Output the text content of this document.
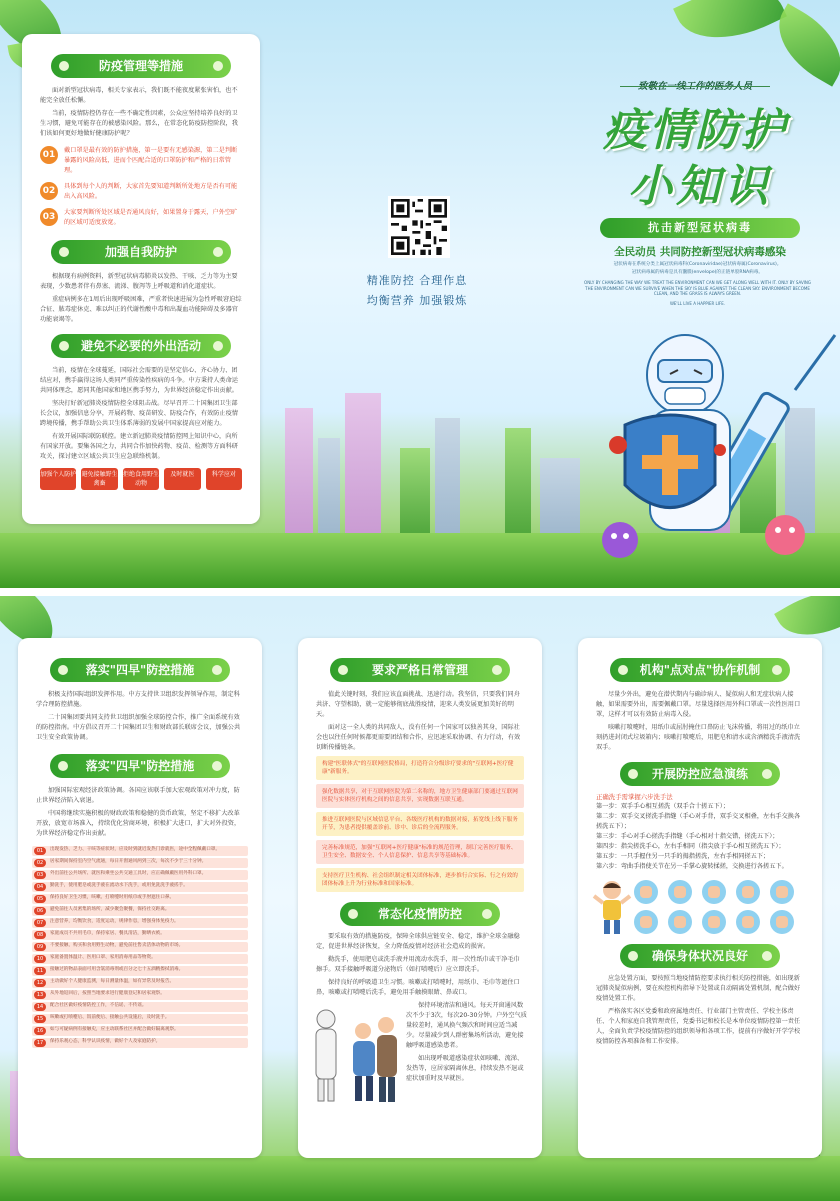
防疫管理等措施

面对新型冠状病毒，相关专家表示，我们既不能夜度紧张害怕，也不能完全放任松懈。

当前，疫情防控仍存在一些不确定性因素，公众应坚持培养良好的卫生习惯，避免可能存在的被感染风险。那么，在常态化防疫防控阶段，我们该如何更好地做好健康防护呢？

01	戴口罩是最有效的防护措施，第一是要有无感染源，第二是判断暴露的风险高低，进而个匹配合适的口罩防护和严格的日常管理。

02	具体到每个人的判断，大家首先要知道判断所处地方是否有可能出入高风险。

03	大家要判断所处区域是否通风良好，如果置身于露天，户外空旷的区域可适度放宽。

加强自我防护

根据现有病例资料，新型冠状病毒肺炎以发热、干咳、乏力等为主要表现，少数患者伴有鼻塞、流涕、腹泻等上呼吸道和消化道症状。

重症病例多在1周后出现呼吸困难，严重者快速进展为急性呼吸窘迫综合征、脓毒症休克、难以纠正的代谢性酸中毒和出凝血功能障碍及多器官功能衰竭等。

避免不必要的外出活动

当前，疫情在全球蔓延，国际社会需要的是坚定信心、齐心协力、团结应对，携手赢得这场人类同严重传染性疾病的斗争。中方秉持人类命运共同体理念，愿同其他国家和地区携手努力，为世界经济稳定作出贡献。

坚决打好新冠肺炎疫情防控全球阻击战。尽早召开二十国集团卫生部长会议，加强信息分享，开展药物、疫苗研发、防疫合作，有效防止疫情跨境传播，携手帮助公共卫生体系薄弱的发展中国家提高应对能力。

有效开展国际联防联控。建立新冠肺炎疫情防控网上知识中心，向所有国家开放。要集各国之力，共同合作加快药物、疫苗、检测等方面科研攻关，探讨建立区域公共卫生应急联络机制。

加强个人防护 避免接触野生禽畜
拒绝食用野生动物
及时就医	科学应对
精准防控 合理作息
均衡营养 加强锻炼
疫情防护
小知识
抗击新型冠状病毒
全民动员 共同防控新型冠状病毒感染
冠状病毒在系统分类上属冠状病毒科(Coronaviridae)冠状病毒属(Coronavirus)。
冠状病毒属的病毒是具有囊膜(envelope)的正链单股RNA病毒。
ONLY BY CHANGING THE WAY WE TREAT THE ENVIRONMENT CAN WE GET ALONG WELL WITH IT. ONLY BY SAVING THE ENVIRONMENT CAN WE SURVIVE WHEN THE SKY IS BLUE AGAINST THE CLEAN SKY. ENVIRONMENT BECOME CLEAN, AND THE GRASS IS ALWAYS GREEN.
WE'LL LIVE A HAPPIER LIFE.
落实"四早"防控措施

积极支持国际组织发挥作用。中方支持世卫组织发挥领导作用，制定科学合理防控措施。

二十国集团要共同支持世卫组织加强全球防控合作，推广全面系统有效的防控指南。中方倡议召开二十国集团卫生和财政部长联席会议，加强公共卫生安全政策协调。

落实"四早"防控措施

加强国际宏观经济政策协调。各国应该联手加大宏观政策对冲力度，防止世界经济陷入衰退。

中国将继续实施积极的财政政策和稳健的货币政策，坚定不移扩大改革开放，放宽市场准入，持续优化营商环境，积极扩大进口，扩大对外投资，为世界经济稳定作出贡献。

01	出现发热、乏力、干咳等症状时，应及时到就近发热门诊就医，途中全程佩戴口罩。
02	居家期间保持室内空气流通，每日开窗通风两到三次，每次不少于三十分钟。
03	外出前往公共场所、就医和乘坐公共交通工具时，应正确佩戴医用外科口罩。
04	勤洗手，使用肥皂或洗手液在流动水下洗手，或用免洗洗手液搓手。
05	保持良好卫生习惯，咳嗽、打喷嚏时用纸巾或手肘遮住口鼻。
06	避免前往人员密集的场所，减少聚会聚餐，保持社交距离。
07	注意营养，均衡饮食，适度运动，规律作息，增强身体免疫力。
08	家庭成员不共用毛巾，保持家居、餐具清洁，勤晒衣被。
09	不要接触、购买和食用野生动物，避免前往售卖活体动物的市场。
10	家庭备置体温计、医用口罩、家用消毒用品等物资。
11	接触过的物品表面可用含氯消毒剂或百分之七十五酒精擦拭消毒。
12	主动做好个人健康监测，每日测量体温，如有异常及时报告。
13	从外地返回后，按照当地要求进行健康登记和居家观察。
14	配合社区做好疫情防控工作，不信谣、不传谣。
15	咳嗽或打喷嚏后、饭前便后、接触公共设施后，及时洗手。
16	如与可疑病例有接触史，应主动联系社区并配合做好隔离观察。
17	保持乐观心态，科学认识疫情，做好个人及家庭防护。
要求严格日常管理

值此关键时刻，我们应该直面挑战、迅速行动。我坚信，只要我们同舟共济、守望相助，就一定能够彻底战胜疫情，迎来人类发展更加美好的明天。

面对这一全人类的共同敌人，没有任何一个国家可以独善其身，国际社会也以往任何时候都更需要团结和合作，应迅速采取协调、有力行动，有效切断传播链条。

构建"医联体式"的互联网医院格局，打造符合分级诊疗要求的"互联网+医疗健康"新服务。
强化数据共享，对于互联网医院为第二名称的，地方卫生健康部门要通过互联网医院与实体医疗机构之间的信息共享，实现数据互联互通。
推进互联网医院与区域信息平台、各级医疗机构的数据对接，拓宽线上线下服务开节，为患者提供覆盖诊前、诊中、诊后的全流程服务。
完善标准规范，加强"互联网+医疗健康"标准的规范管理，制订完善医疗服务、卫生安全、数据安全、个人信息保护、信息共享等基础标准。
支持医疗卫生机构、社会组织制定相关团体标准，逐步推行合实际、行之有效的团体标准上升为行业标准和国家标准。
常态化疫情防控

要采取有效的措施防疫，保障全球供应链安全、稳定，维护全球金融稳定，促进世界经济恢复，全力降低疫情对经济社会造成的损害。

勤洗手，使用肥皂或洗手液并用流动水洗手，用一次性纸巾或干净毛巾擦手。双手接触呼吸道分泌物后（如打喷嚏后）应立即洗手。

保持良好的呼吸道卫生习惯。咳嗽或打喷嚏时，用纸巾、毛巾等遮住口鼻，咳嗽或打喷嚏后洗手，避免用手触摸眼睛、鼻或口。

保持环境清洁和通风。每天开窗通风数次不少于3次，每次20-30分钟。户外空气质量较差时，通风换气频次和时间应适当减少。尽量减少到人群密集场所活动，避免接触呼吸道感染患者。

如出现呼吸道感染症状如咳嗽、流涕、发热等，应居家隔离休息，持续发热不退或症状加重时及早就医。

机构"点对点"协作机制

尽量少外出，避免在潜伏期内与确诊病人、疑似病人和无症状病人接触，如果需要外出，需要佩戴口罩。尽量选择医用外科口罩或一次性医用口罩，这样才可以有效防止病毒入侵。

咳嗽打喷嚏时，用纸巾或屈肘掩住口鼻防止飞沫传播，将用过的纸巾立刻扔进封闭式垃圾箱内；咳嗽打喷嚏后，用肥皂和清水或含酒精洗手液清洗双手。

开展防控应急演练
正确洗手需掌握六步洗手法
第一步：双手手心相互搓洗（双手合十搓五下）；
第二步：双手交叉搓洗手指缝（手心对手背，双手交叉相叠，左右手交换各搓洗五下）；
第三步：手心对手心搓洗手指缝（手心相对十指交错，搓洗五下）；
第四步：指尖搓洗手心，左右手相同（指尖放于手心相互搓洗五下）；
第五步：一只手握住另一只手的拇指搓洗，左右手相同搓五下；
第六步：弯曲手指使关节在另一手掌心旋转揉搓，交换进行各搓五下。
确保身体状况良好

应急处置方面，要按照当地疫情防控要求执行相关防控措施，如出现新冠肺炎疑似病例，要在疾控机构指导下处置或自动隔离处置机制，配合做好疫情处置工作。

严格落实各区党委和政府属地责任、行业部门主管责任、学校主体责任、个人和家庭自我管理责任，党委书记和校长是本单位疫情防控第一责任人，全面负责学校疫情防控的组织领导和各项工作，提前有序做好开学学校疫情防控各项准备和工作安排。
